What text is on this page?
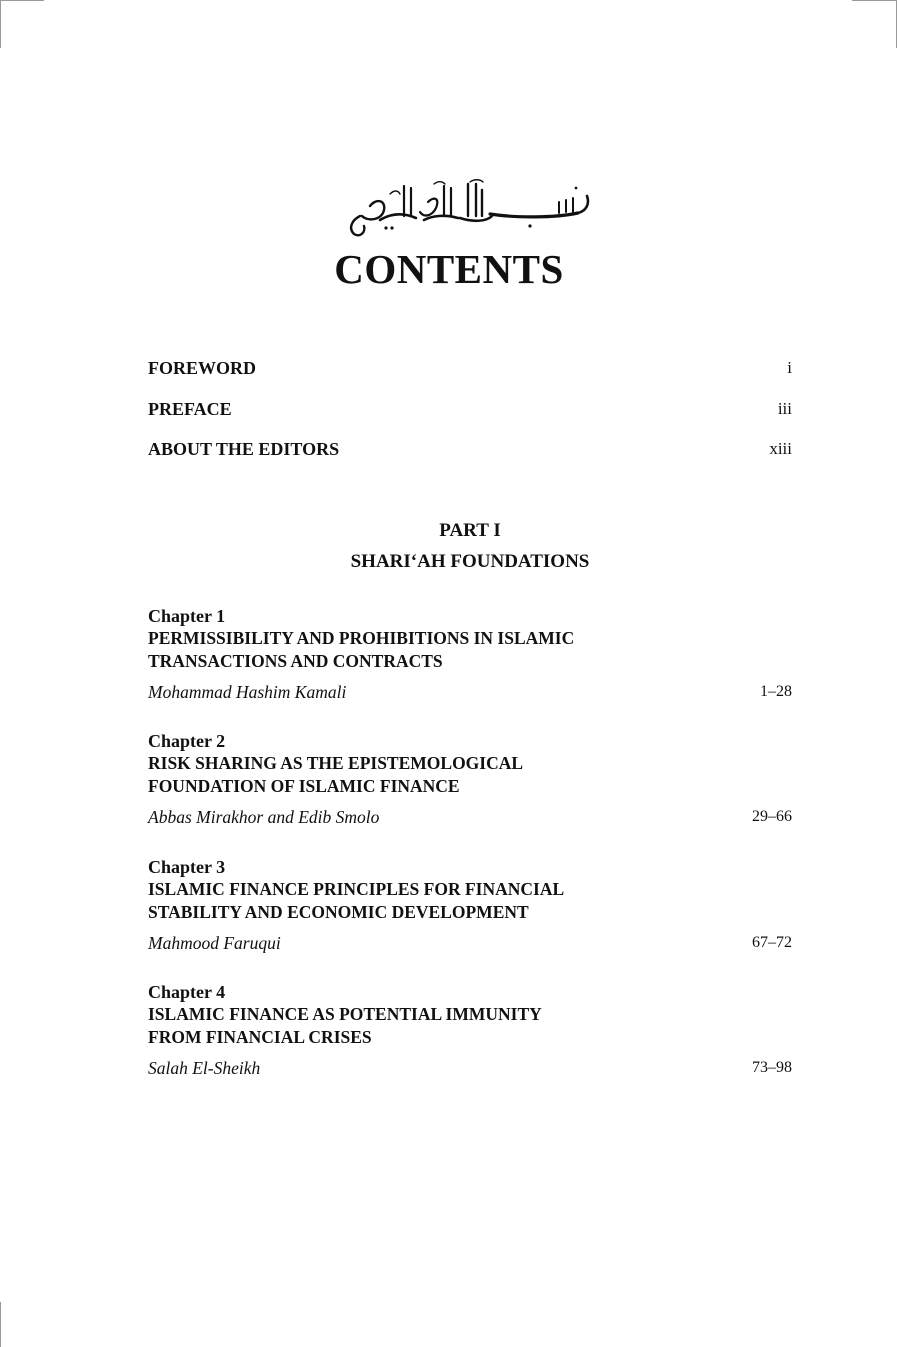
CONTENTS
FOREWORD	i
PREFACE	iii
ABOUT THE EDITORS	xiii
PART I
SHARI‘AH FOUNDATIONS
Chapter 1
PERMISSIBILITY AND PROHIBITIONS IN ISLAMIC
TRANSACTIONS AND CONTRACTS
Mohammad Hashim Kamali	1–28
Chapter 2
RISK SHARING AS THE EPISTEMOLOGICAL
FOUNDATION OF ISLAMIC FINANCE
Abbas Mirakhor and Edib Smolo	29–66
Chapter 3
ISLAMIC FINANCE PRINCIPLES FOR FINANCIAL
STABILITY AND ECONOMIC DEVELOPMENT
Mahmood Faruqui	67–72
Chapter 4
ISLAMIC FINANCE AS POTENTIAL IMMUNITY
FROM FINANCIAL CRISES
Salah El-Sheikh	73–98
